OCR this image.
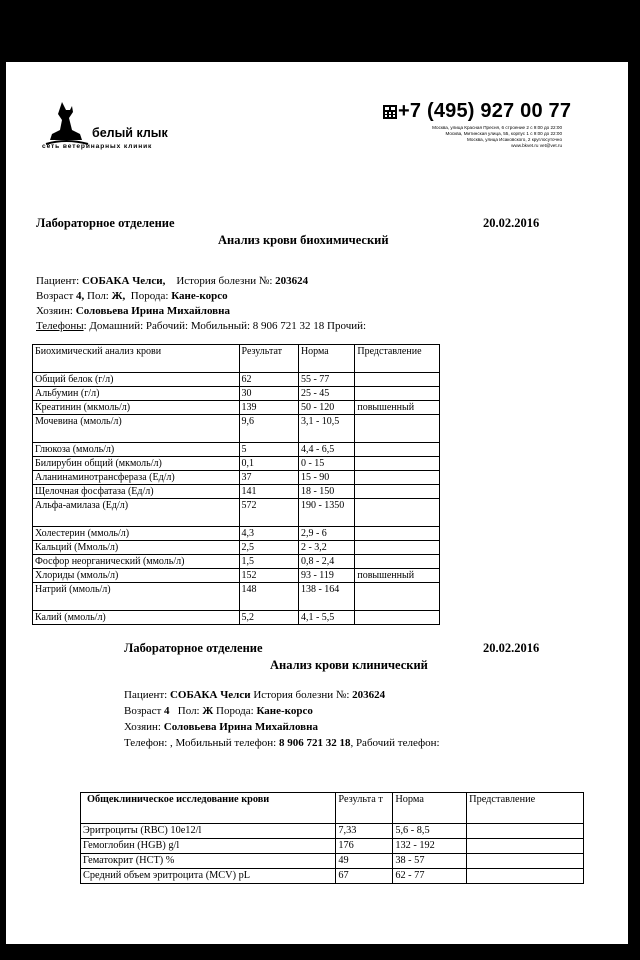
белый клык
сеть ветеринарных клиник
+7 (495) 927 00 77
Москва, улица Красная Пресня, 6 строение 2 с 9:00 до 22:00
Москва, Митинская улица, 55, корпус 1 с 9:00 до 22:00
Москва, улица Исаковского, 2 круглосуточно
www.bkvet.ru vet@vet.ru
Лабораторное отделение	20.02.2016
Анализ крови биохимический
Пациент: СОБАКА Челси, История болезни №: 203624
Возраст 4, Пол: Ж, Порода: Кане-корсо
Хозяин: Соловьева Ирина Михайловна
Телефоны: Домашний: Рабочий: Мобильный: 8 906 721 32 18 Прочий:
Биохимический анализ крови	Результат	Норма	Представление
Общий белок (г/л)	62	55 - 77	
Альбумин (г/л)	30	25 - 45	
Креатинин (мкмоль/л)	139	50 - 120	повышенный
Мочевина (ммоль/л)	9,6	3,1 - 10,5	
Глюкоза (ммоль/л)	5	4,4 - 6,5	
Билирубин общий (мкмоль/л)	0,1	0 - 15	
Аланинаминотрансфераза (Ед/л)	37	15 - 90	
Щелочная фосфатаза (Ед/л)	141	18 - 150	
Альфа-амилаза (Ед/л)	572	190 - 1350	
Холестерин (ммоль/л)	4,3	2,9 - 6	
Кальций (Ммоль/л)	2,5	2 - 3,2	
Фосфор неорганический (ммоль/л)	1,5	0,8 - 2,4	
Хлориды (ммоль/л)	152	93 - 119	повышенный
Натрий (ммоль/л)	148	138 - 164	
Калий (ммоль/л)	5,2	4,1 - 5,5	
Лабораторное отделение	20.02.2016
Анализ крови клинический
Пациент: СОБАКА Челси История болезни №: 203624
Возраст 4 Пол: Ж Порода: Кане-корсо
Хозяин: Соловьева Ирина Михайловна
Телефон: , Мобильный телефон: 8 906 721 32 18, Рабочий телефон:
Общеклиническое исследование крови	Результа т	Норма	Представление
Эритроциты (RBC) 10e12/l	7,33	5,6 - 8,5	
Гемоглобин (HGB) g/l	176	132 - 192	
Гематокрит (HCT) %	49	38 - 57	
Средний объем эритроцита (MCV) pL	67	62 - 77	
